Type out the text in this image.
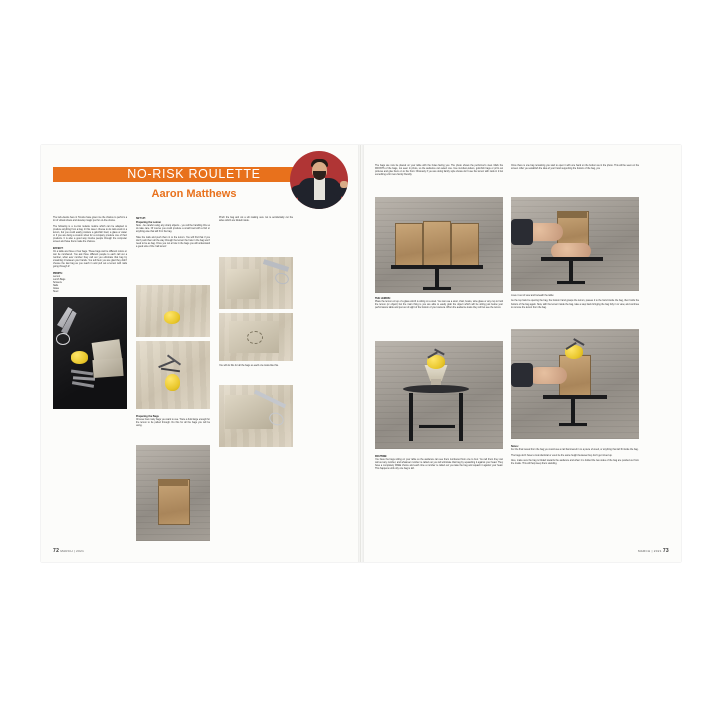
NO-RISK ROULETTE
Aaron Matthews

The lock-downs here in Toronto have given me the chance to perform a lot of virtual shows and develop magic just for on-line shows.

The following is a no-risk roulette routine which can be adapted to produce anything from a bag. In this case I choose to do nails stuck in a lemon, but you could easily produce a gold-fish bowl, a glass or water or if you are doing a custom show for a company produce one of their products. It is also a good way involve people through the computer screen and have them make the choices.

EFFECT:

On a table are three or four bags. These bags can be different colors or can be numbered. You ask three different people to each call out a number, what ever number they call out you eliminate that bag by smashing it between your hands. You tell them you are glad they didn't choose the last bag as you reach in and pull out a lemon with nails going through it!

PROPS:

Lemon

Lunch Bags

Scissors

Nails

Glass

Stool

SET UP:

Preparing the Lemon

Note - be careful using any sharp objects - you will be handling this so do take care. Of course you could produce a small bowl with a fish or anything else that will fit in the bag.

Take the nails and push them in to the lemon. You will find that if you don't push them all the way through the lemon the hole in the bag won't need to be as bag. Once you cut a hole in the bags you will understand a good size of the 'nail lemon'.

Pinch the bag and cut a slit making sure not to accidentally cut the sides which are folded inside.

You will do this for all the bags so each one looks like this.

Preparing the Bags

Choose how many bags you want to use. Trace a hold large enough for the lemon to be pulled through. Do this for all the bags you will be using.

72 MARCH | 2021

The bags are now be placed on your table with the holes facing you. The photo shows the performer's view. Mark the FRONTS of the bags, not seen in photo, so the audience can select one. Use numbers,letters, gold-fish bags or print out pictures and glue them on to the front. Obviously if you are doing family style shows don't use the lemon with nails in it but something a bit more family friendly.

THE LEMON:

Place the lemon on top of a glass winch is sitting on a stool. You can use a stool, chair, books, wine glass or any cup to hold the lemon (or object) but the main thing is you are able to easily grab the object which will be sitting just below your performance table and just out of sight of the bottom of your camera. When the audience looks they will not see the lemon.

ROUTINE:

You have the bags sitting on your table so the audience can see them numbered from one to four. You tell them they can call out any number, and whatever number is called out you will eliminate that bag by squashing it against your head. They have a completely FREE choice and each time a number is called out you take the bag and squash it against your head. This happens until only one bag is left.

Once there is one bag remaining you start to open it with one hand on the bottom as in the photo. This will be seen on the screen. After you establish the idea of your hand supporting the bottom of the bag, you

move it out of view and beneath the table:

As the top hand is opening the bag, the bottom hand grasps the lemon, passes it to the hand inside the bag, then holds the bottom of the bag again. Now, with the lemon inside the bag, take a step back bringing the bag fully in to view, and continue to remove the lemon from the bag.

Notes:

For the final reveal from the bag you could use a nail hammered in to a piece of wood, or anything that will fit inside the bag.

The bags don't have to look identical or even be the same height because they don't get mixed up.

Also, make sure the bag is folded towards the audience and when it is folded the two sides of the bag are pushed out from the inside. This will help keep them standing.

MARCH | 2021 73
